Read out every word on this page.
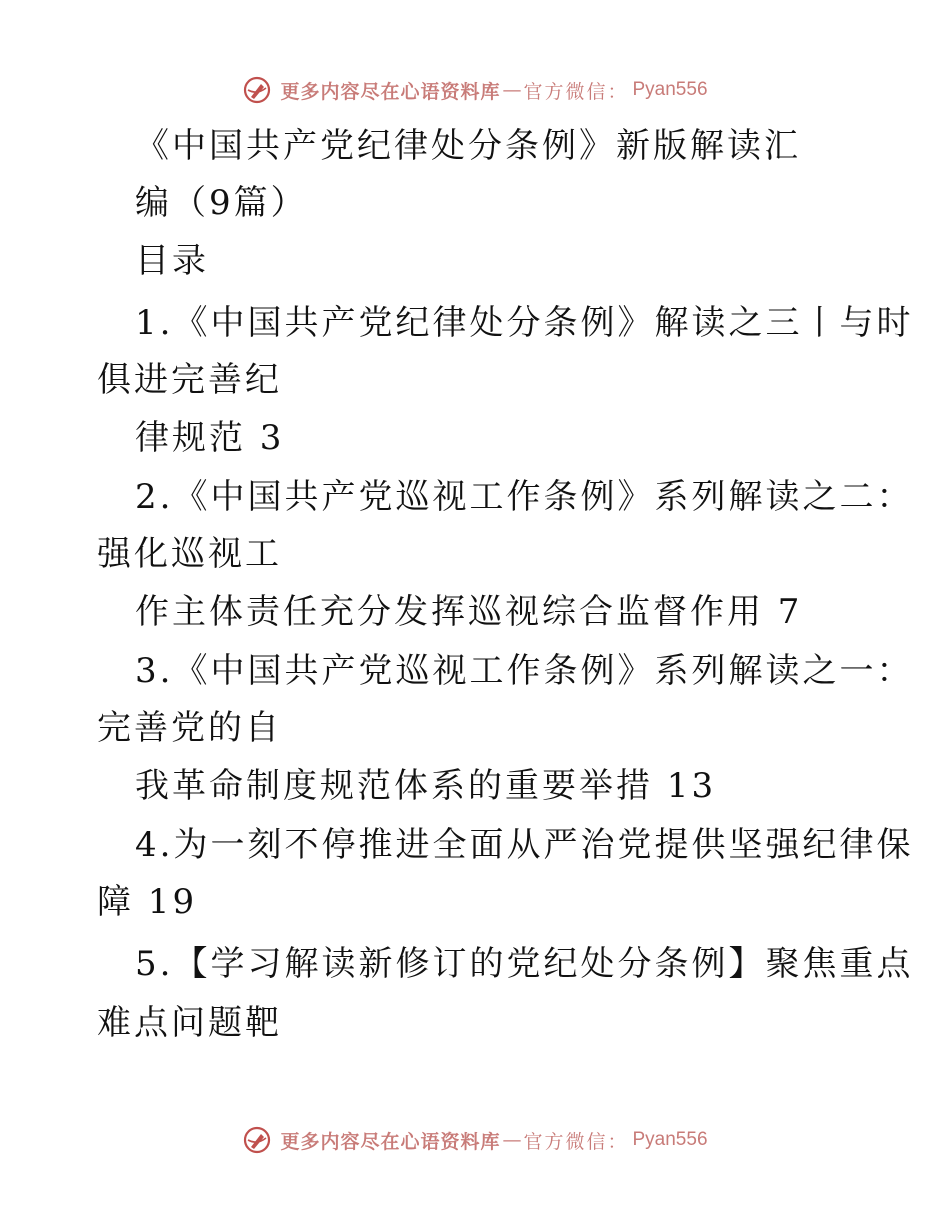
更多内容尽在心语资料库 — 官方微信： Pyan556
《中国共产党纪律处分条例》新版解读汇
编（9篇）
目录
1.《中国共产党纪律处分条例》解读之三丨与时
俱进完善纪
律规范 3
2.《中国共产党巡视工作条例》系列解读之二：
强化巡视工
作主体责任充分发挥巡视综合监督作用 7
3.《中国共产党巡视工作条例》系列解读之一：
完善党的自
我革命制度规范体系的重要举措 13
4.为一刻不停推进全面从严治党提供坚强纪律保
障 19
5.【学习解读新修订的党纪处分条例】聚焦重点
难点问题靶
更多内容尽在心语资料库 — 官方微信： Pyan556
